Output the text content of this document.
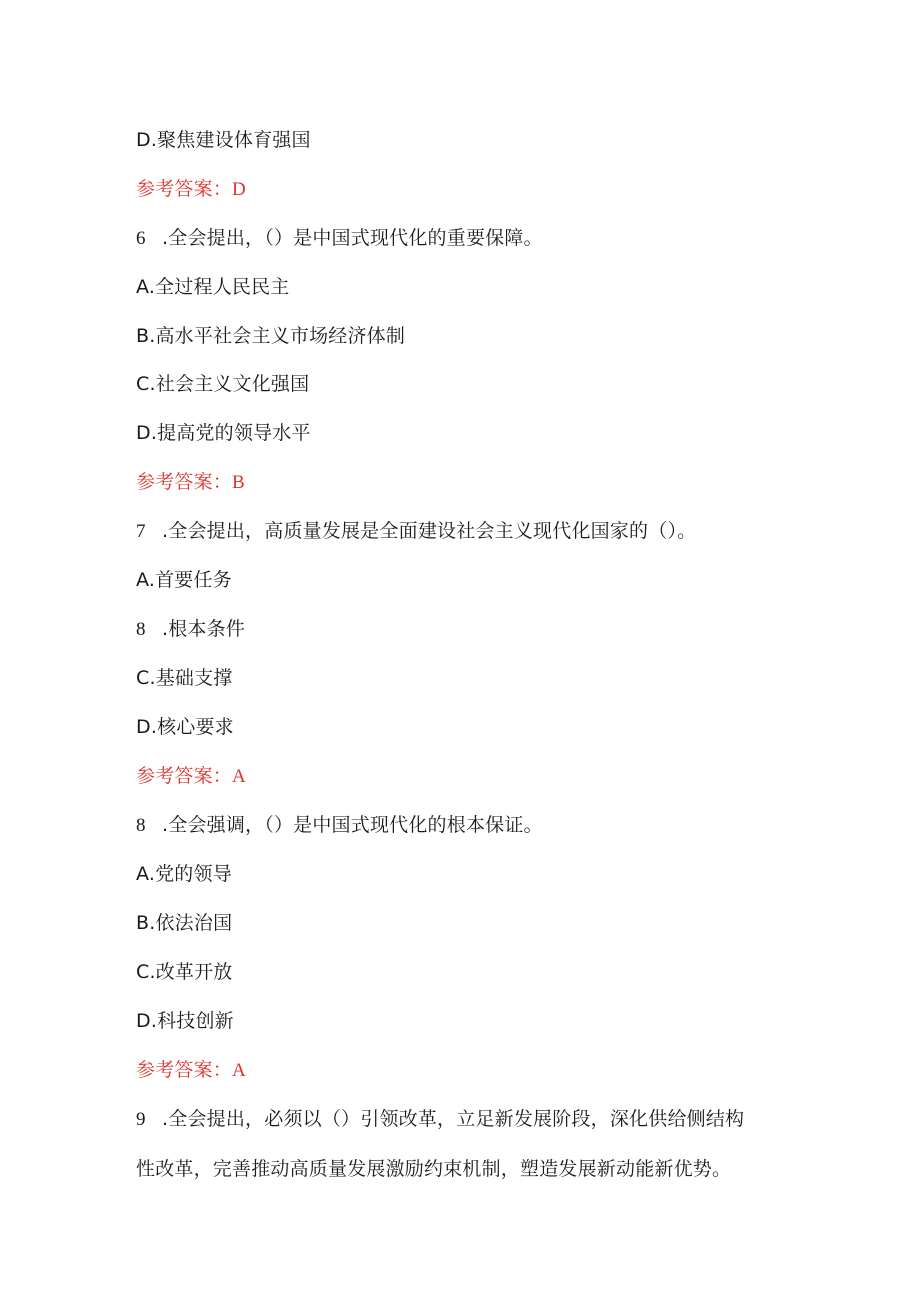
D.聚焦建设体育强国
参考答案：D
6 .全会提出，（）是中国式现代化的重要保障。
A.全过程人民民主
B.高水平社会主义市场经济体制
C.社会主义文化强国
D.提高党的领导水平
参考答案：B
7 .全会提出，高质量发展是全面建设社会主义现代化国家的（）。
A.首要任务
8 .根本条件
C.基础支撑
D.核心要求
参考答案：A
8 .全会强调，（）是中国式现代化的根本保证。
A.党的领导
B.依法治国
C.改革开放
D.科技创新
参考答案：A
9 .全会提出，必须以（）引领改革，立足新发展阶段，深化供给侧结构
性改革，完善推动高质量发展激励约束机制，塑造发展新动能新优势。
